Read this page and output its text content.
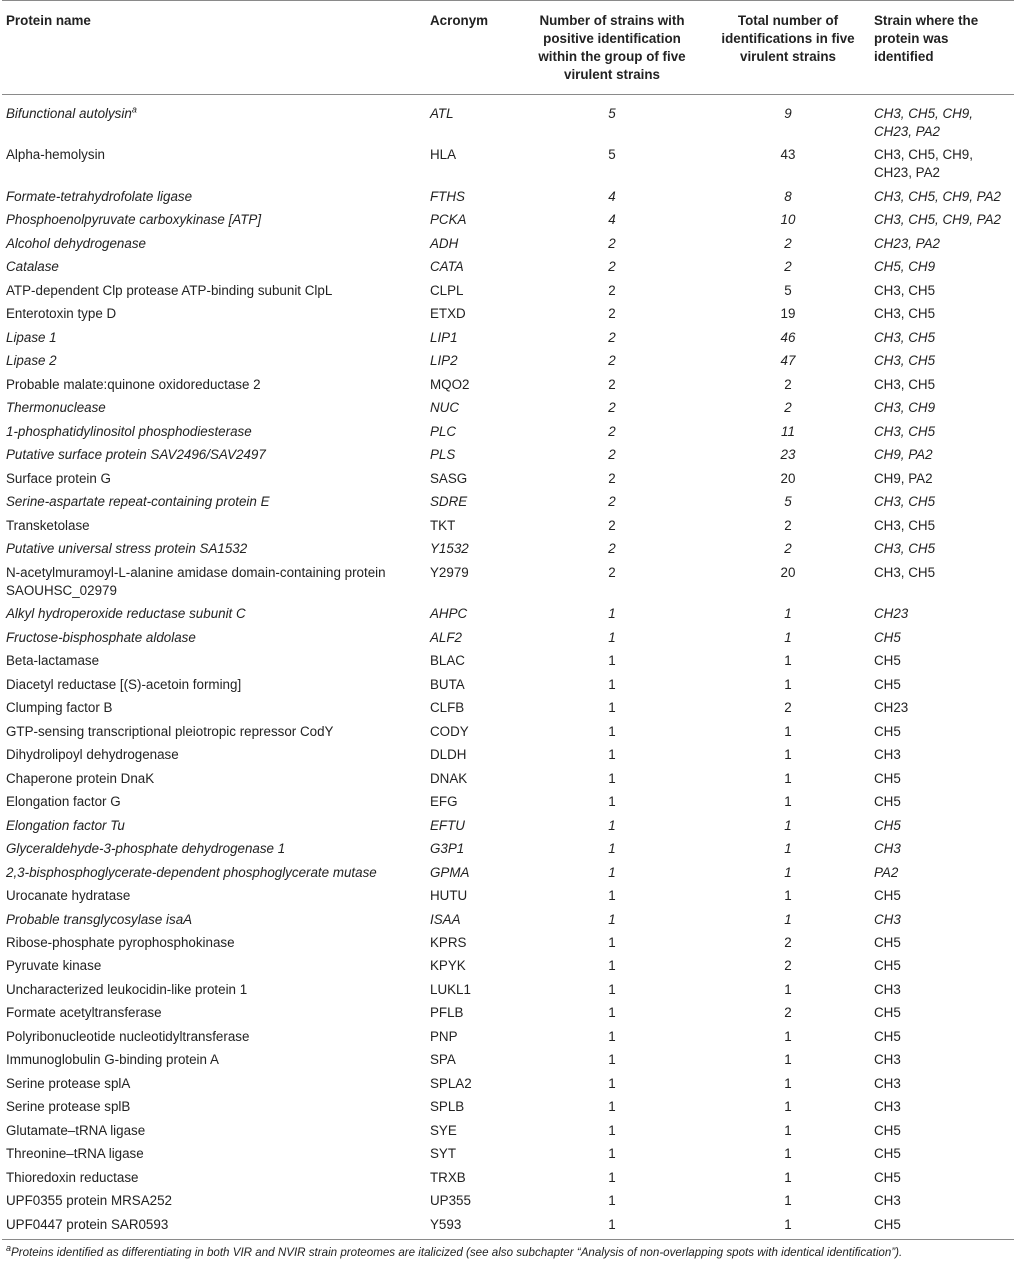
Protein name	Acronym	Number of strains with positive identification within the group of five virulent strains	Total number of identifications in five virulent strains	Strain where the protein was identified
Bifunctional autolysin$^a$	ATL	5	9	CH3, CH5, CH9, CH23, PA2
Alpha-hemolysin	HLA	5	43	CH3, CH5, CH9, CH23, PA2
Formate-tetrahydrofolate ligase	FTHS	4	8	CH3, CH5, CH9, PA2
Phosphoenolpyruvate carboxykinase [ATP]	PCKA	4	10	CH3, CH5, CH9, PA2
Alcohol dehydrogenase	ADH	2	2	CH23, PA2
Catalase	CATA	2	2	CH5, CH9
ATP-dependent Clp protease ATP-binding subunit ClpL	CLPL	2	5	CH3, CH5
Enterotoxin type D	ETXD	2	19	CH3, CH5
Lipase 1	LIP1	2	46	CH3, CH5
Lipase 2	LIP2	2	47	CH3, CH5
Probable malate:quinone oxidoreductase 2	MQO2	2	2	CH3, CH5
Thermonuclease	NUC	2	2	CH3, CH9
1-phosphatidylinositol phosphodiesterase	PLC	2	11	CH3, CH5
Putative surface protein SAV2496/SAV2497	PLS	2	23	CH9, PA2
Surface protein G	SASG	2	20	CH9, PA2
Serine-aspartate repeat-containing protein E	SDRE	2	5	CH3, CH5
Transketolase	TKT	2	2	CH3, CH5
Putative universal stress protein SA1532	Y1532	2	2	CH3, CH5
N-acetylmuramoyl-L-alanine amidase domain-containing protein SAOUHSC_02979	Y2979	2	20	CH3, CH5
Alkyl hydroperoxide reductase subunit C	AHPC	1	1	CH23
Fructose-bisphosphate aldolase	ALF2	1	1	CH5
Beta-lactamase	BLAC	1	1	CH5
Diacetyl reductase [(S)-acetoin forming]	BUTA	1	1	CH5
Clumping factor B	CLFB	1	2	CH23
GTP-sensing transcriptional pleiotropic repressor CodY	CODY	1	1	CH5
Dihydrolipoyl dehydrogenase	DLDH	1	1	CH3
Chaperone protein DnaK	DNAK	1	1	CH5
Elongation factor G	EFG	1	1	CH5
Elongation factor Tu	EFTU	1	1	CH5
Glyceraldehyde-3-phosphate dehydrogenase 1	G3P1	1	1	CH3
2,3-bisphosphoglycerate-dependent phosphoglycerate mutase	GPMA	1	1	PA2
Urocanate hydratase	HUTU	1	1	CH5
Probable transglycosylase isaA	ISAA	1	1	CH3
Ribose-phosphate pyrophosphokinase	KPRS	1	2	CH5
Pyruvate kinase	KPYK	1	2	CH5
Uncharacterized leukocidin-like protein 1	LUKL1	1	1	CH3
Formate acetyltransferase	PFLB	1	2	CH5
Polyribonucleotide nucleotidyltransferase	PNP	1	1	CH5
Immunoglobulin G-binding protein A	SPA	1	1	CH3
Serine protease splA	SPLA2	1	1	CH3
Serine protease splB	SPLB	1	1	CH3
Glutamate–tRNA ligase	SYE	1	1	CH5
Threonine–tRNA ligase	SYT	1	1	CH5
Thioredoxin reductase	TRXB	1	1	CH5
UPF0355 protein MRSA252	UP355	1	1	CH3
UPF0447 protein SAR0593	Y593	1	1	CH5
$^a$Proteins identified as differentiating in both VIR and NVIR strain proteomes are italicized (see also subchapter “Analysis of non-overlapping spots with identical identification”).
